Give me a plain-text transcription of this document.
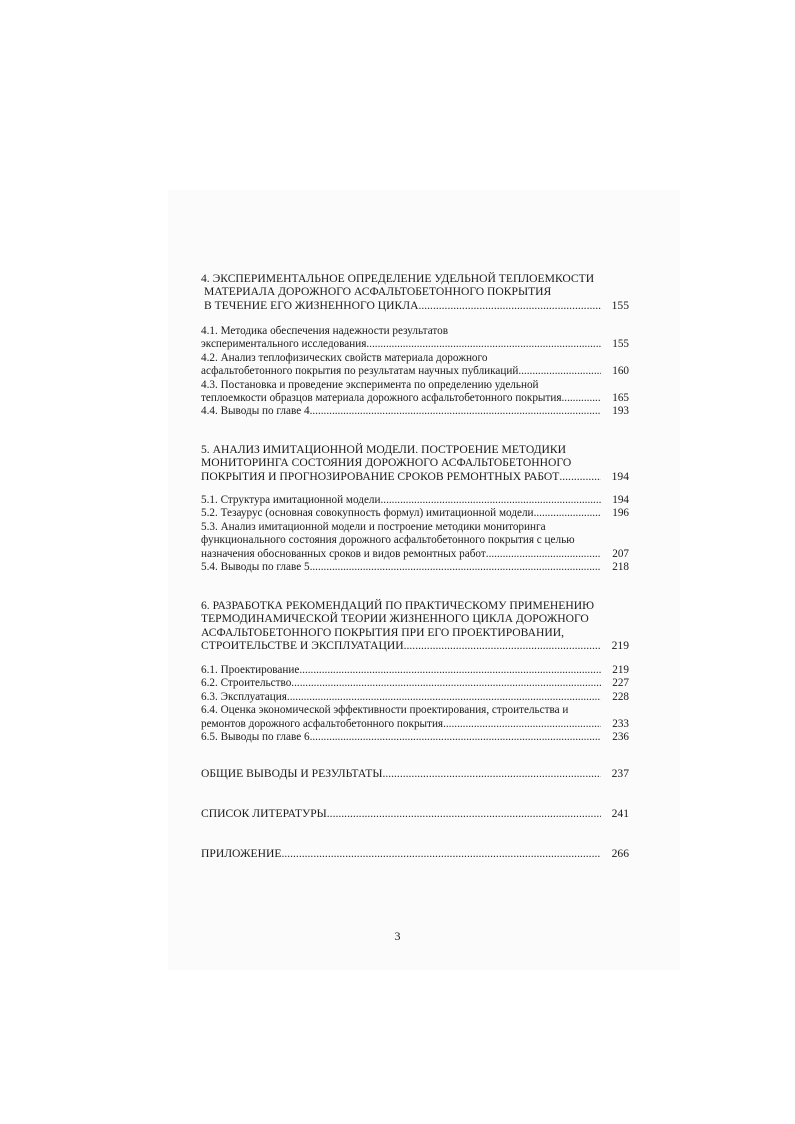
4. ЭКСПЕРИМЕНТАЛЬНОЕ ОПРЕДЕЛЕНИЕ УДЕЛЬНОЙ ТЕПЛОЕМКОСТИ
МАТЕРИАЛА ДОРОЖНОГО АСФАЛЬТОБЕТОННОГО ПОКРЫТИЯ
В ТЕЧЕНИЕ ЕГО ЖИЗНЕННОГО ЦИКЛА .....	155
4.1. Методика обеспечения надежности результатов
экспериментального исследования .....	155
4.2. Анализ теплофизических свойств материала дорожного
асфальтобетонного покрытия по результатам научных публикаций .....	160
4.3. Постановка и проведение эксперимента по определению удельной
теплоемкости образцов материала дорожного асфальтобетонного покрытия .....	165
4.4. Выводы по главе 4 .....	193
5. АНАЛИЗ ИМИТАЦИОННОЙ МОДЕЛИ. ПОСТРОЕНИЕ МЕТОДИКИ
МОНИТОРИНГА СОСТОЯНИЯ ДОРОЖНОГО АСФАЛЬТОБЕТОННОГО
ПОКРЫТИЯ И ПРОГНОЗИРОВАНИЕ СРОКОВ РЕМОНТНЫХ РАБОТ .....	194
5.1. Структура имитационной модели .....	194
5.2. Тезаурус (основная совокупность формул) имитационной модели .....	196
5.3. Анализ имитационной модели и построение методики мониторинга
функционального состояния дорожного асфальтобетонного покрытия с целью
назначения обоснованных сроков и видов ремонтных работ .....	207
5.4. Выводы по главе 5 .....	218
6. РАЗРАБОТКА РЕКОМЕНДАЦИЙ ПО ПРАКТИЧЕСКОМУ ПРИМЕНЕНИЮ
ТЕРМОДИНАМИЧЕСКОЙ ТЕОРИИ ЖИЗНЕННОГО ЦИКЛА ДОРОЖНОГО
АСФАЛЬТОБЕТОННОГО ПОКРЫТИЯ ПРИ ЕГО ПРОЕКТИРОВАНИИ,
СТРОИТЕЛЬСТВЕ И ЭКСПЛУАТАЦИИ .....	219
6.1. Проектирование .....	219
6.2. Строительство .....	227
6.3. Эксплуатация .....	228
6.4. Оценка экономической эффективности проектирования, строительства и
ремонтов дорожного асфальтобетонного покрытия .....	233
6.5. Выводы по главе 6 .....	236
ОБЩИЕ ВЫВОДЫ И РЕЗУЛЬТАТЫ .....	237
СПИСОК ЛИТЕРАТУРЫ .....	241
ПРИЛОЖЕНИЕ .....	266
3
